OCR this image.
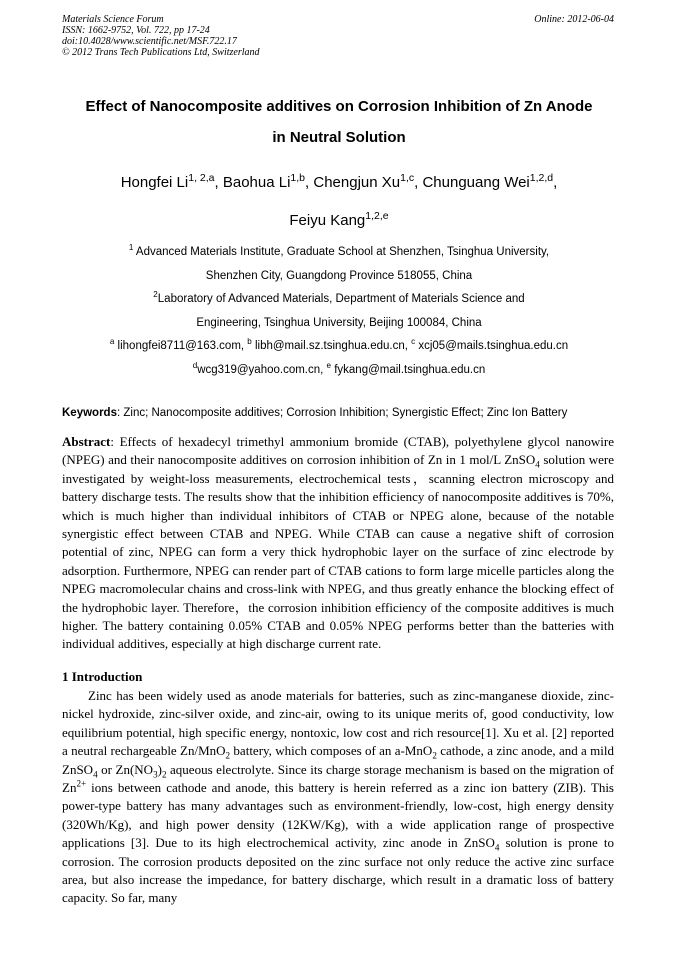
Materials Science Forum
ISSN: 1662-9752, Vol. 722, pp 17-24
doi:10.4028/www.scientific.net/MSF.722.17
© 2012 Trans Tech Publications Ltd, Switzerland
Online: 2012-06-04
Effect of Nanocomposite additives on Corrosion Inhibition of Zn Anode
in Neutral Solution
Hongfei Li$^{1, 2,a}$, Baohua Li$^{1,b}$, Chengjun Xu$^{1,c}$, Chunguang Wei$^{1,2,d}$,
Feiyu Kang$^{1,2,e}$
$^1$ Advanced Materials Institute, Graduate School at Shenzhen, Tsinghua University,
Shenzhen City, Guangdong Province 518055, China
$^2$Laboratory of Advanced Materials, Department of Materials Science and
Engineering, Tsinghua University, Beijing 100084, China
$^a$ lihongfei8711@163.com, $^b$ libh@mail.sz.tsinghua.edu.cn, $^c$ xcj05@mails.tsinghua.edu.cn
$^d$wcg319@yahoo.com.cn, $^e$ fykang@mail.tsinghua.edu.cn
Keywords: Zinc; Nanocomposite additives; Corrosion Inhibition; Synergistic Effect; Zinc Ion Battery
Abstract: Effects of hexadecyl trimethyl ammonium bromide (CTAB), polyethylene glycol nanowire (NPEG) and their nanocomposite additives on corrosion inhibition of Zn in 1 mol/L ZnSO$_4$ solution were investigated by weight-loss measurements, electrochemical tests，scanning electron microscopy and battery discharge tests. The results show that the inhibition efficiency of nanocomposite additives is 70%, which is much higher than individual inhibitors of CTAB or NPEG alone, because of the notable synergistic effect between CTAB and NPEG. While CTAB can cause a negative shift of corrosion potential of zinc, NPEG can form a very thick hydrophobic layer on the surface of zinc electrode by adsorption. Furthermore, NPEG can render part of CTAB cations to form large micelle particles along the NPEG macromolecular chains and cross-link with NPEG, and thus greatly enhance the blocking effect of the hydrophobic layer. Therefore，the corrosion inhibition efficiency of the composite additives is much higher. The battery containing 0.05% CTAB and 0.05% NPEG performs better than the batteries with individual additives, especially at high discharge current rate.
1 Introduction
Zinc has been widely used as anode materials for batteries, such as zinc-manganese dioxide, zinc-nickel hydroxide, zinc-silver oxide, and zinc-air, owing to its unique merits of, good conductivity, low equilibrium potential, high specific energy, nontoxic, low cost and rich resource[1]. Xu et al. [2] reported a neutral rechargeable Zn/MnO$_2$ battery, which composes of an a-MnO$_2$ cathode, a zinc anode, and a mild ZnSO$_4$ or $Zn(NO_3)_2$ aqueous electrolyte. Since its charge storage mechanism is based on the migration of $Zn^{2+}$ ions between cathode and anode, this battery is herein referred as a zinc ion battery (ZIB). This power-type battery has many advantages such as environment-friendly, low-cost, high energy density (320Wh/Kg), and high power density (12KW/Kg), with a wide application range of prospective applications [3]. Due to its high electrochemical activity, zinc anode in ZnSO$_4$ solution is prone to corrosion. The corrosion products deposited on the zinc surface not only reduce the active zinc surface area, but also increase the impedance, for battery discharge, which result in a dramatic loss of battery capacity. So far, many
